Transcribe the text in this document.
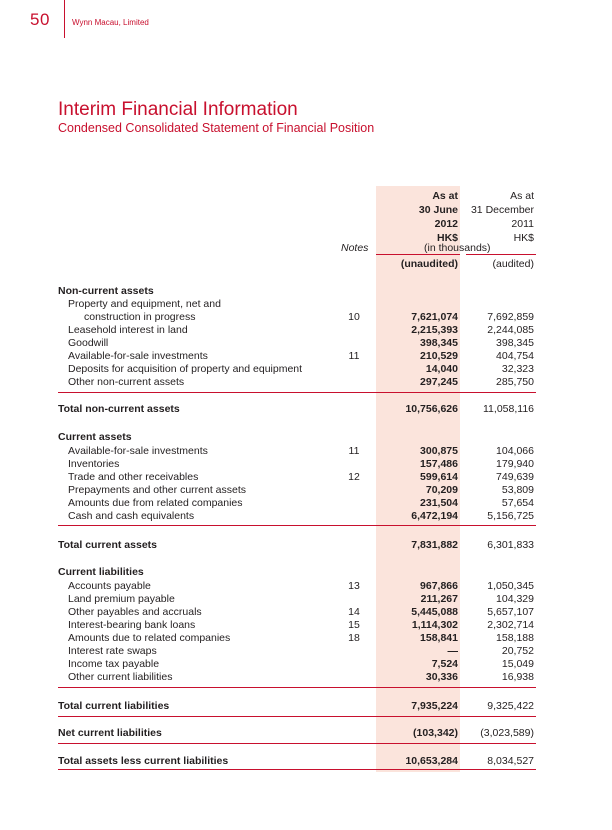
50	Wynn Macau, Limited
Interim Financial Information
Condensed Consolidated Statement of Financial Position
As at
30 June
2012
HK$
As at
31 December
2011
HK$
Notes	(in thousands)
(unaudited)	(audited)
Non-current assets
Property and equipment, net and
construction in progress	10	7,621,074	7,692,859
Leasehold interest in land	2,215,393	2,244,085
Goodwill	398,345	398,345
Available-for-sale investments	11	210,529	404,754
Deposits for acquisition of property and equipment	14,040	32,323
Other non-current assets	297,245	285,750
Total non-current assets	10,756,626 11,058,116
Current assets
Available-for-sale investments	11	300,875	104,066
Inventories	157,486	179,940
Trade and other receivables	12	599,614	749,639
Prepayments and other current assets	70,209	53,809
Amounts due from related companies	231,504	57,654
Cash and cash equivalents	6,472,194	5,156,725
Total current assets	7,831,882	6,301,833
Current liabilities
Accounts payable	13	967,866	1,050,345
Land premium payable	211,267	104,329
Other payables and accruals	14	5,445,088	5,657,107
Interest-bearing bank loans	15	1,114,302	2,302,714
Amounts due to related companies	18	158,841	158,188
Interest rate swaps	—	20,752
Income tax payable	7,524	15,049
Other current liabilities	30,336	16,938
Total current liabilities	7,935,224	9,325,422
Net current liabilities	(103,342) (3,023,589)
Total assets less current liabilities	10,653,284	8,034,527
